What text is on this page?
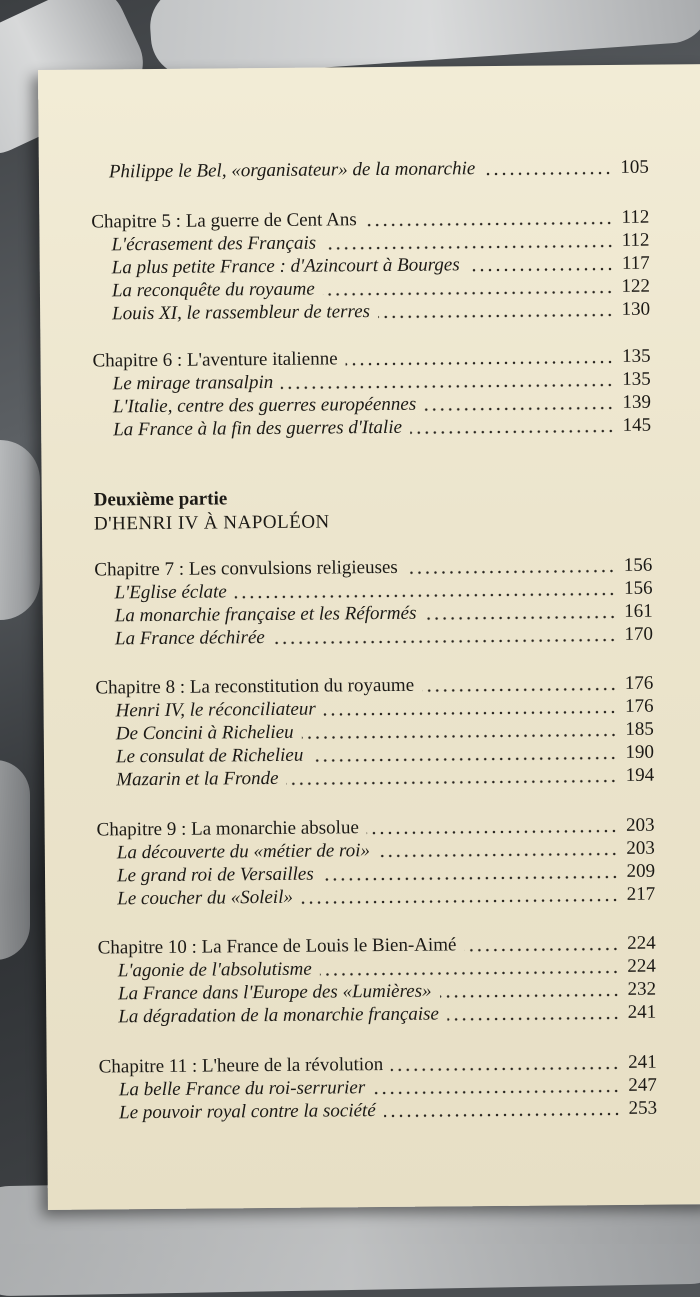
Philippe le Bel, «organisateur» de la monarchie	105
Chapitre 5 : La guerre de Cent Ans	112
L'écrasement des Français	112
La plus petite France : d'Azincourt à Bourges	117
La reconquête du royaume	122
Louis XI, le rassembleur de terres	130
Chapitre 6 : L'aventure italienne	135
Le mirage transalpin	135
L'Italie, centre des guerres européennes	139
La France à la fin des guerres d'Italie	145
Deuxième partie
D'HENRI IV À NAPOLÉON
Chapitre 7 : Les convulsions religieuses	156
L'Eglise éclate	156
La monarchie française et les Réformés	161
La France déchirée	170
Chapitre 8 : La reconstitution du royaume	176
Henri IV, le réconciliateur	176
De Concini à Richelieu	185
Le consulat de Richelieu	190
Mazarin et la Fronde	194
Chapitre 9 : La monarchie absolue	203
La découverte du «métier de roi»	203
Le grand roi de Versailles	209
Le coucher du «Soleil»	217
Chapitre 10 : La France de Louis le Bien-Aimé	224
L'agonie de l'absolutisme	224
La France dans l'Europe des «Lumières»	232
La dégradation de la monarchie française	241
Chapitre 11 : L'heure de la révolution	241
La belle France du roi-serrurier	247
Le pouvoir royal contre la société	253
